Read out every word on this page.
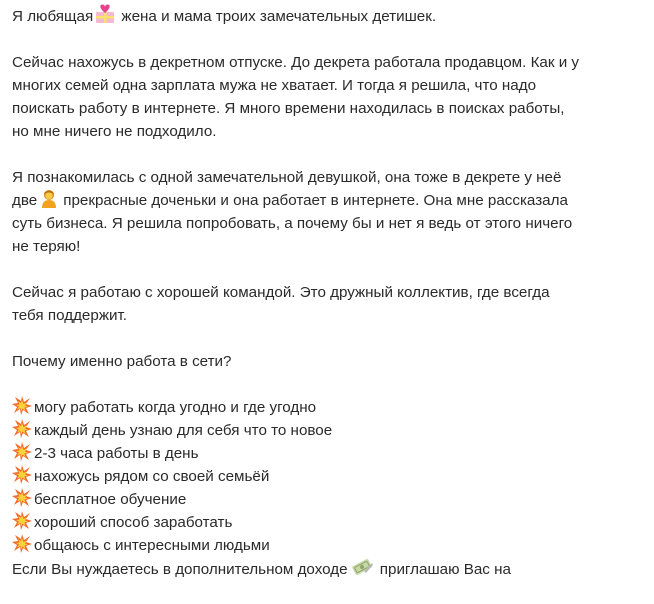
Я любящая жена и мама троих замечательных детишек.
Сейчас нахожусь в декретном отпуске. До декрета работала продавцом. Как и у
многих семей одна зарплата мужа не хватает. И тогда я решила, что надо
поискать работу в интернете. Я много времени находилась в поисках работы,
но мне ничего не подходило.
Я познакомилась с одной замечательной девушкой, она тоже в декрете у неё
две прекрасные доченьки и она работает в интернете. Она мне рассказала
суть бизнеса. Я решила попробовать, а почему бы и нет я ведь от этого ничего
не теряю!
Сейчас я работаю с хорошей командой. Это дружный коллектив, где всегда
тебя поддержит.
Почему именно работа в сети?
могу работать когда угодно и где угодно
каждый день узнаю для себя что то новое
2-3 часа работы в день
нахожусь рядом со своей семьёй
бесплатное обучение
хороший способ заработать
общаюсь с интересными людьми
Если Вы нуждаетесь в дополнительном доходе приглашаю Вас на
